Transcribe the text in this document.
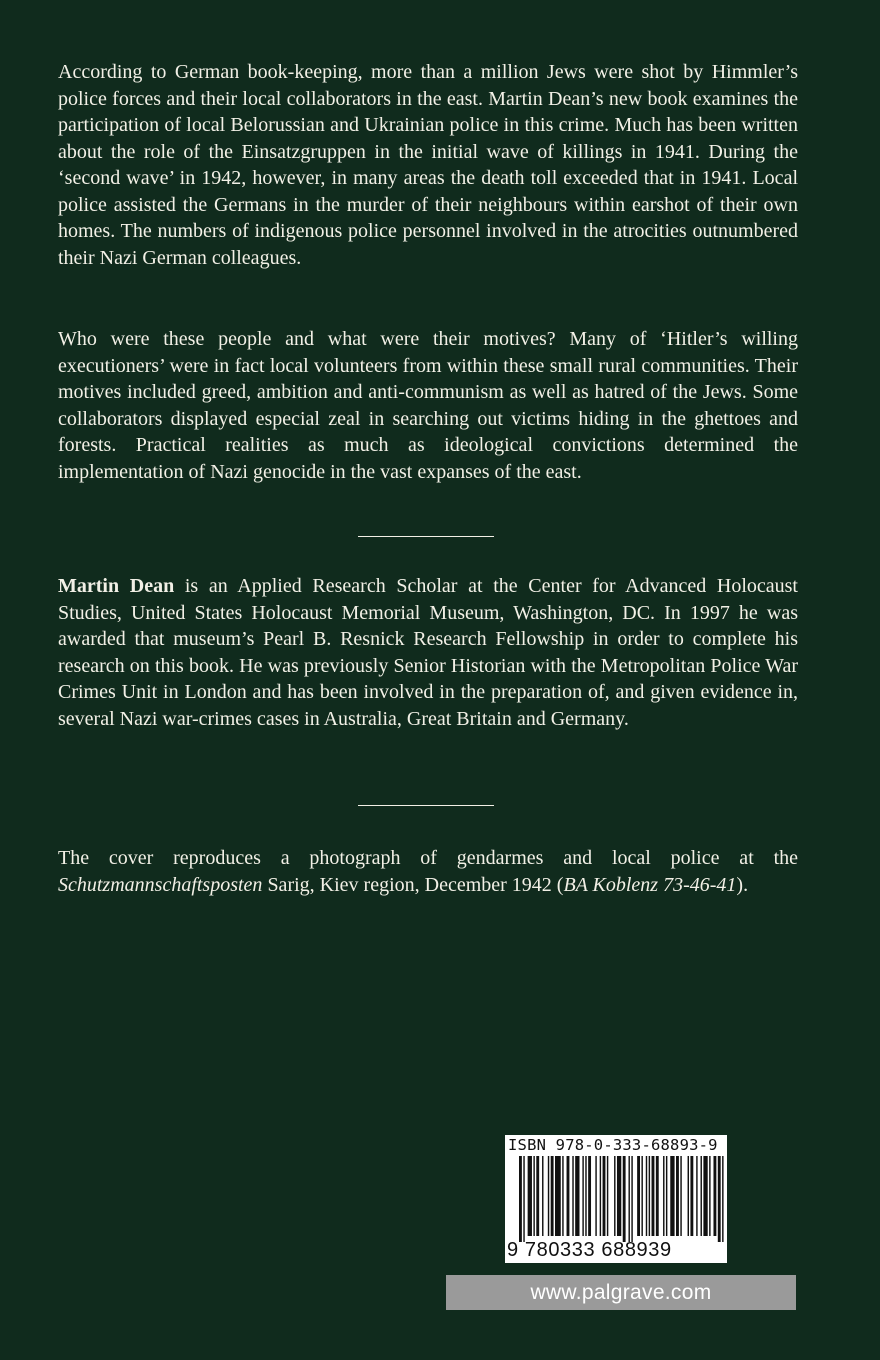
According to German book-keeping, more than a million Jews were shot by Himmler’s police forces and their local collaborators in the east. Martin Dean’s new book examines the participation of local Belorussian and Ukrainian police in this crime. Much has been written about the role of the Einsatzgruppen in the initial wave of killings in 1941. During the ‘second wave’ in 1942, however, in many areas the death toll exceeded that in 1941. Local police assisted the Germans in the murder of their neighbours within earshot of their own homes. The numbers of indigenous police personnel involved in the atrocities outnumbered their Nazi German colleagues.
Who were these people and what were their motives? Many of ‘Hitler’s willing executioners’ were in fact local volunteers from within these small rural communities. Their motives included greed, ambition and anti-communism as well as hatred of the Jews. Some collaborators displayed especial zeal in searching out victims hiding in the ghettoes and forests. Practical realities as much as ideological convictions determined the implementation of Nazi genocide in the vast expanses of the east.
Martin Dean is an Applied Research Scholar at the Center for Advanced Holocaust Studies, United States Holocaust Memorial Museum, Washington, DC. In 1997 he was awarded that museum’s Pearl B. Resnick Research Fellowship in order to complete his research on this book. He was previously Senior Historian with the Metropolitan Police War Crimes Unit in London and has been involved in the preparation of, and given evidence in, several Nazi war-crimes cases in Australia, Great Britain and Germany.
The cover reproduces a photograph of gendarmes and local police at the Schutzmannschaftsposten Sarig, Kiev region, December 1942 (BA Koblenz 73-46-41).
ISBN 978-0-333-68893-9
9 780333 688939
www.palgrave.com
